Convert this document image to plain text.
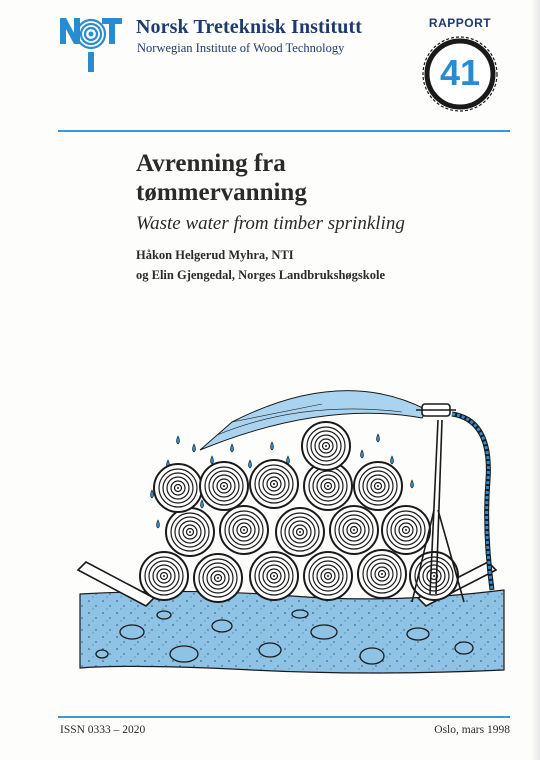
Norsk Treteknisk Institutt
Norwegian Institute of Wood Technology
RAPPORT
41
Avrenning fra
tømmervanning
Waste water from timber sprinkling
Håkon Helgerud Myhra, NTI
og Elin Gjengedal, Norges Landbrukshøgskole
ISSN 0333 – 2020	Oslo, mars 1998
